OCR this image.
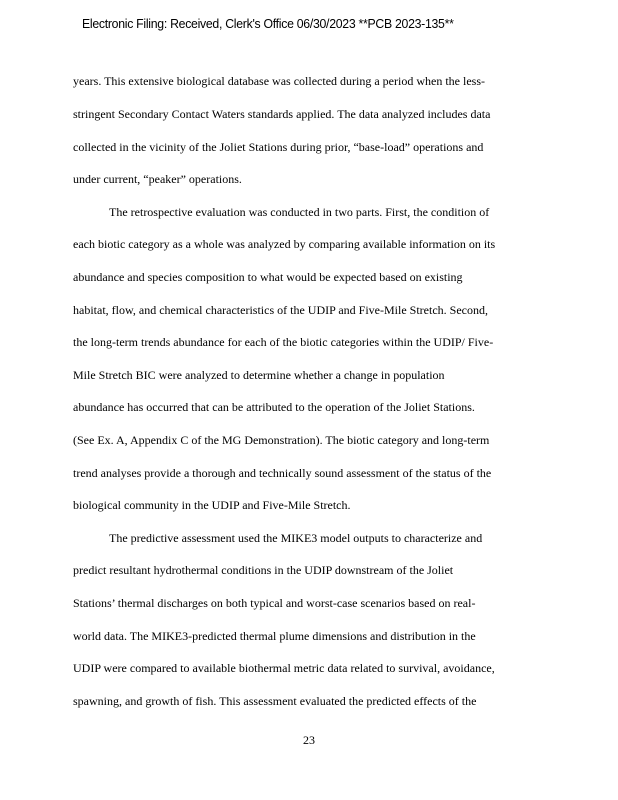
Electronic Filing: Received, Clerk's Office 06/30/2023 **PCB 2023-135**
years. This extensive biological database was collected during a period when the less-
stringent Secondary Contact Waters standards applied. The data analyzed includes data
collected in the vicinity of the Joliet Stations during prior, “base-load” operations and
under current, “peaker” operations.
The retrospective evaluation was conducted in two parts. First, the condition of
each biotic category as a whole was analyzed by comparing available information on its
abundance and species composition to what would be expected based on existing
habitat, flow, and chemical characteristics of the UDIP and Five-Mile Stretch. Second,
the long-term trends abundance for each of the biotic categories within the UDIP/ Five-
Mile Stretch BIC were analyzed to determine whether a change in population
abundance has occurred that can be attributed to the operation of the Joliet Stations.
(See Ex. A, Appendix C of the MG Demonstration). The biotic category and long-term
trend analyses provide a thorough and technically sound assessment of the status of the
biological community in the UDIP and Five-Mile Stretch.
The predictive assessment used the MIKE3 model outputs to characterize and
predict resultant hydrothermal conditions in the UDIP downstream of the Joliet
Stations’ thermal discharges on both typical and worst-case scenarios based on real-
world data. The MIKE3-predicted thermal plume dimensions and distribution in the
UDIP were compared to available biothermal metric data related to survival, avoidance,
spawning, and growth of fish. This assessment evaluated the predicted effects of the
23
